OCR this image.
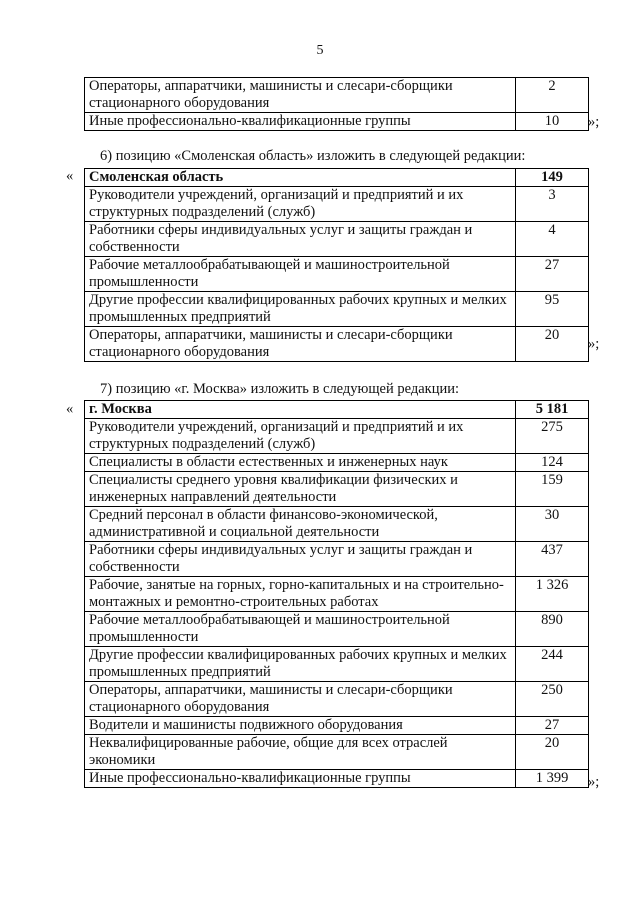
5
Операторы, аппаратчики, машинисты и слесари-сборщики стационарного оборудования	2
Иные профессионально-квалификационные группы	10 »;
6) позицию «Смоленская область» изложить в следующей редакции:
« Смоленская область	149
Руководители учреждений, организаций и предприятий и их структурных подразделений (служб)	3
Работники сферы индивидуальных услуг и защиты граждан и собственности	4
Рабочие металлообрабатывающей и машиностроительной промышленности	27
Другие профессии квалифицированных рабочих крупных и мелких промышленных предприятий	95
Операторы, аппаратчики, машинисты и слесари-сборщики стационарного оборудования	20
»;
7) позицию «г. Москва» изложить в следующей редакции:
« г. Москва	5 181
Руководители учреждений, организаций и предприятий и их структурных подразделений (служб)	275
Специалисты в области естественных и инженерных наук	124
Специалисты среднего уровня квалификации физических и инженерных направлений деятельности	159
Средний персонал в области финансово-экономической, административной и социальной деятельности	30
Работники сферы индивидуальных услуг и защиты граждан и собственности	437
Рабочие, занятые на горных, горно-капитальных и на строительно-монтажных и ремонтно-строительных работах	1 326
Рабочие металлообрабатывающей и машиностроительной промышленности	890
Другие профессии квалифицированных рабочих крупных и мелких промышленных предприятий	244
Операторы, аппаратчики, машинисты и слесари-сборщики стационарного оборудования	250
Водители и машинисты подвижного оборудования	27
Неквалифицированные рабочие, общие для всех отраслей экономики	20
Иные профессионально-квалификационные группы	1 399 »;
